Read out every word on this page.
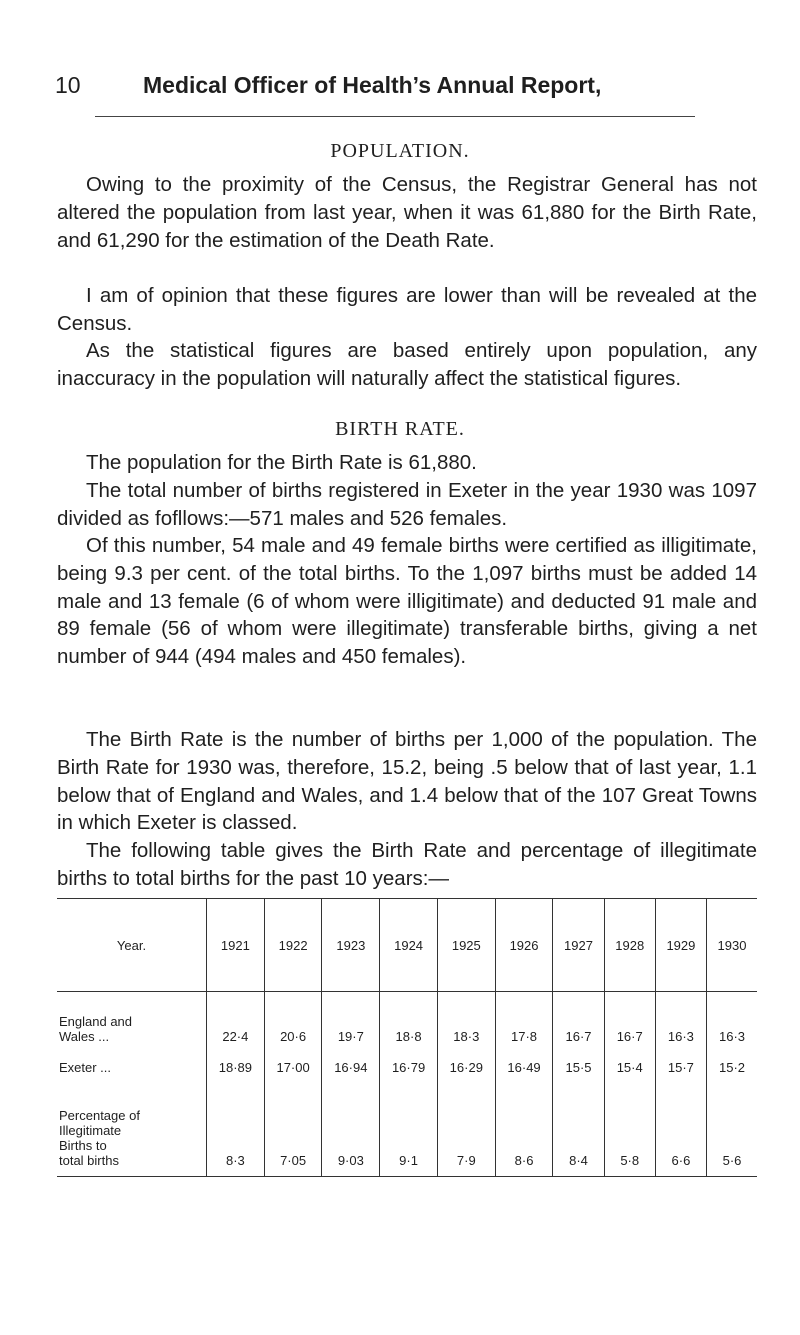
10	Medical Officer of Health’s Annual Report,
POPULATION.

Owing to the proximity of the Census, the Registrar General has not altered the population from last year, when it was 61,880 for the Birth Rate, and 61,290 for the estimation of the Death Rate.

I am of opinion that these figures are lower than will be revealed at the Census.

As the statistical figures are based entirely upon population, any inaccuracy in the population will naturally affect the statistical figures.

BIRTH RATE.

The population for the Birth Rate is 61,880.

The total number of births registered in Exeter in the year 1930 was 1097 divided as fofllows:—571 males and 526 females.

Of this number, 54 male and 49 female births were certified as illigitimate, being 9.3 per cent. of the total births. To the 1,097 births must be added 14 male and 13 female (6 of whom were illigitimate) and deducted 91 male and 89 female (56 of whom were illegitimate) transferable births, giving a net number of 944 (494 males and 450 females).

The Birth Rate is the number of births per 1,000 of the population. The Birth Rate for 1930 was, therefore, 15.2, being .5 below that of last year, 1.1 below that of England and Wales, and 1.4 below that of the 107 Great Towns in which Exeter is classed.

The following table gives the Birth Rate and percentage of illegitimate births to total births for the past 10 years:—

Year.	1921	1922	1923	1924	1925	1926	1927	1928	1929	1930

England and
Wales ...	22·4	20·6	19·7	18·8	18·3	17·8	16·7	16·7	16·3	16·3

Exeter ...	18·89	17·00	16·94	16·79	16·29	16·49	15·5	15·4	15·7	15·2

Percentage of
Illegitimate
Births to
total births	8·3	7·05	9·03	9·1	7·9	8·6	8·4	5·8	6·6	5·6
